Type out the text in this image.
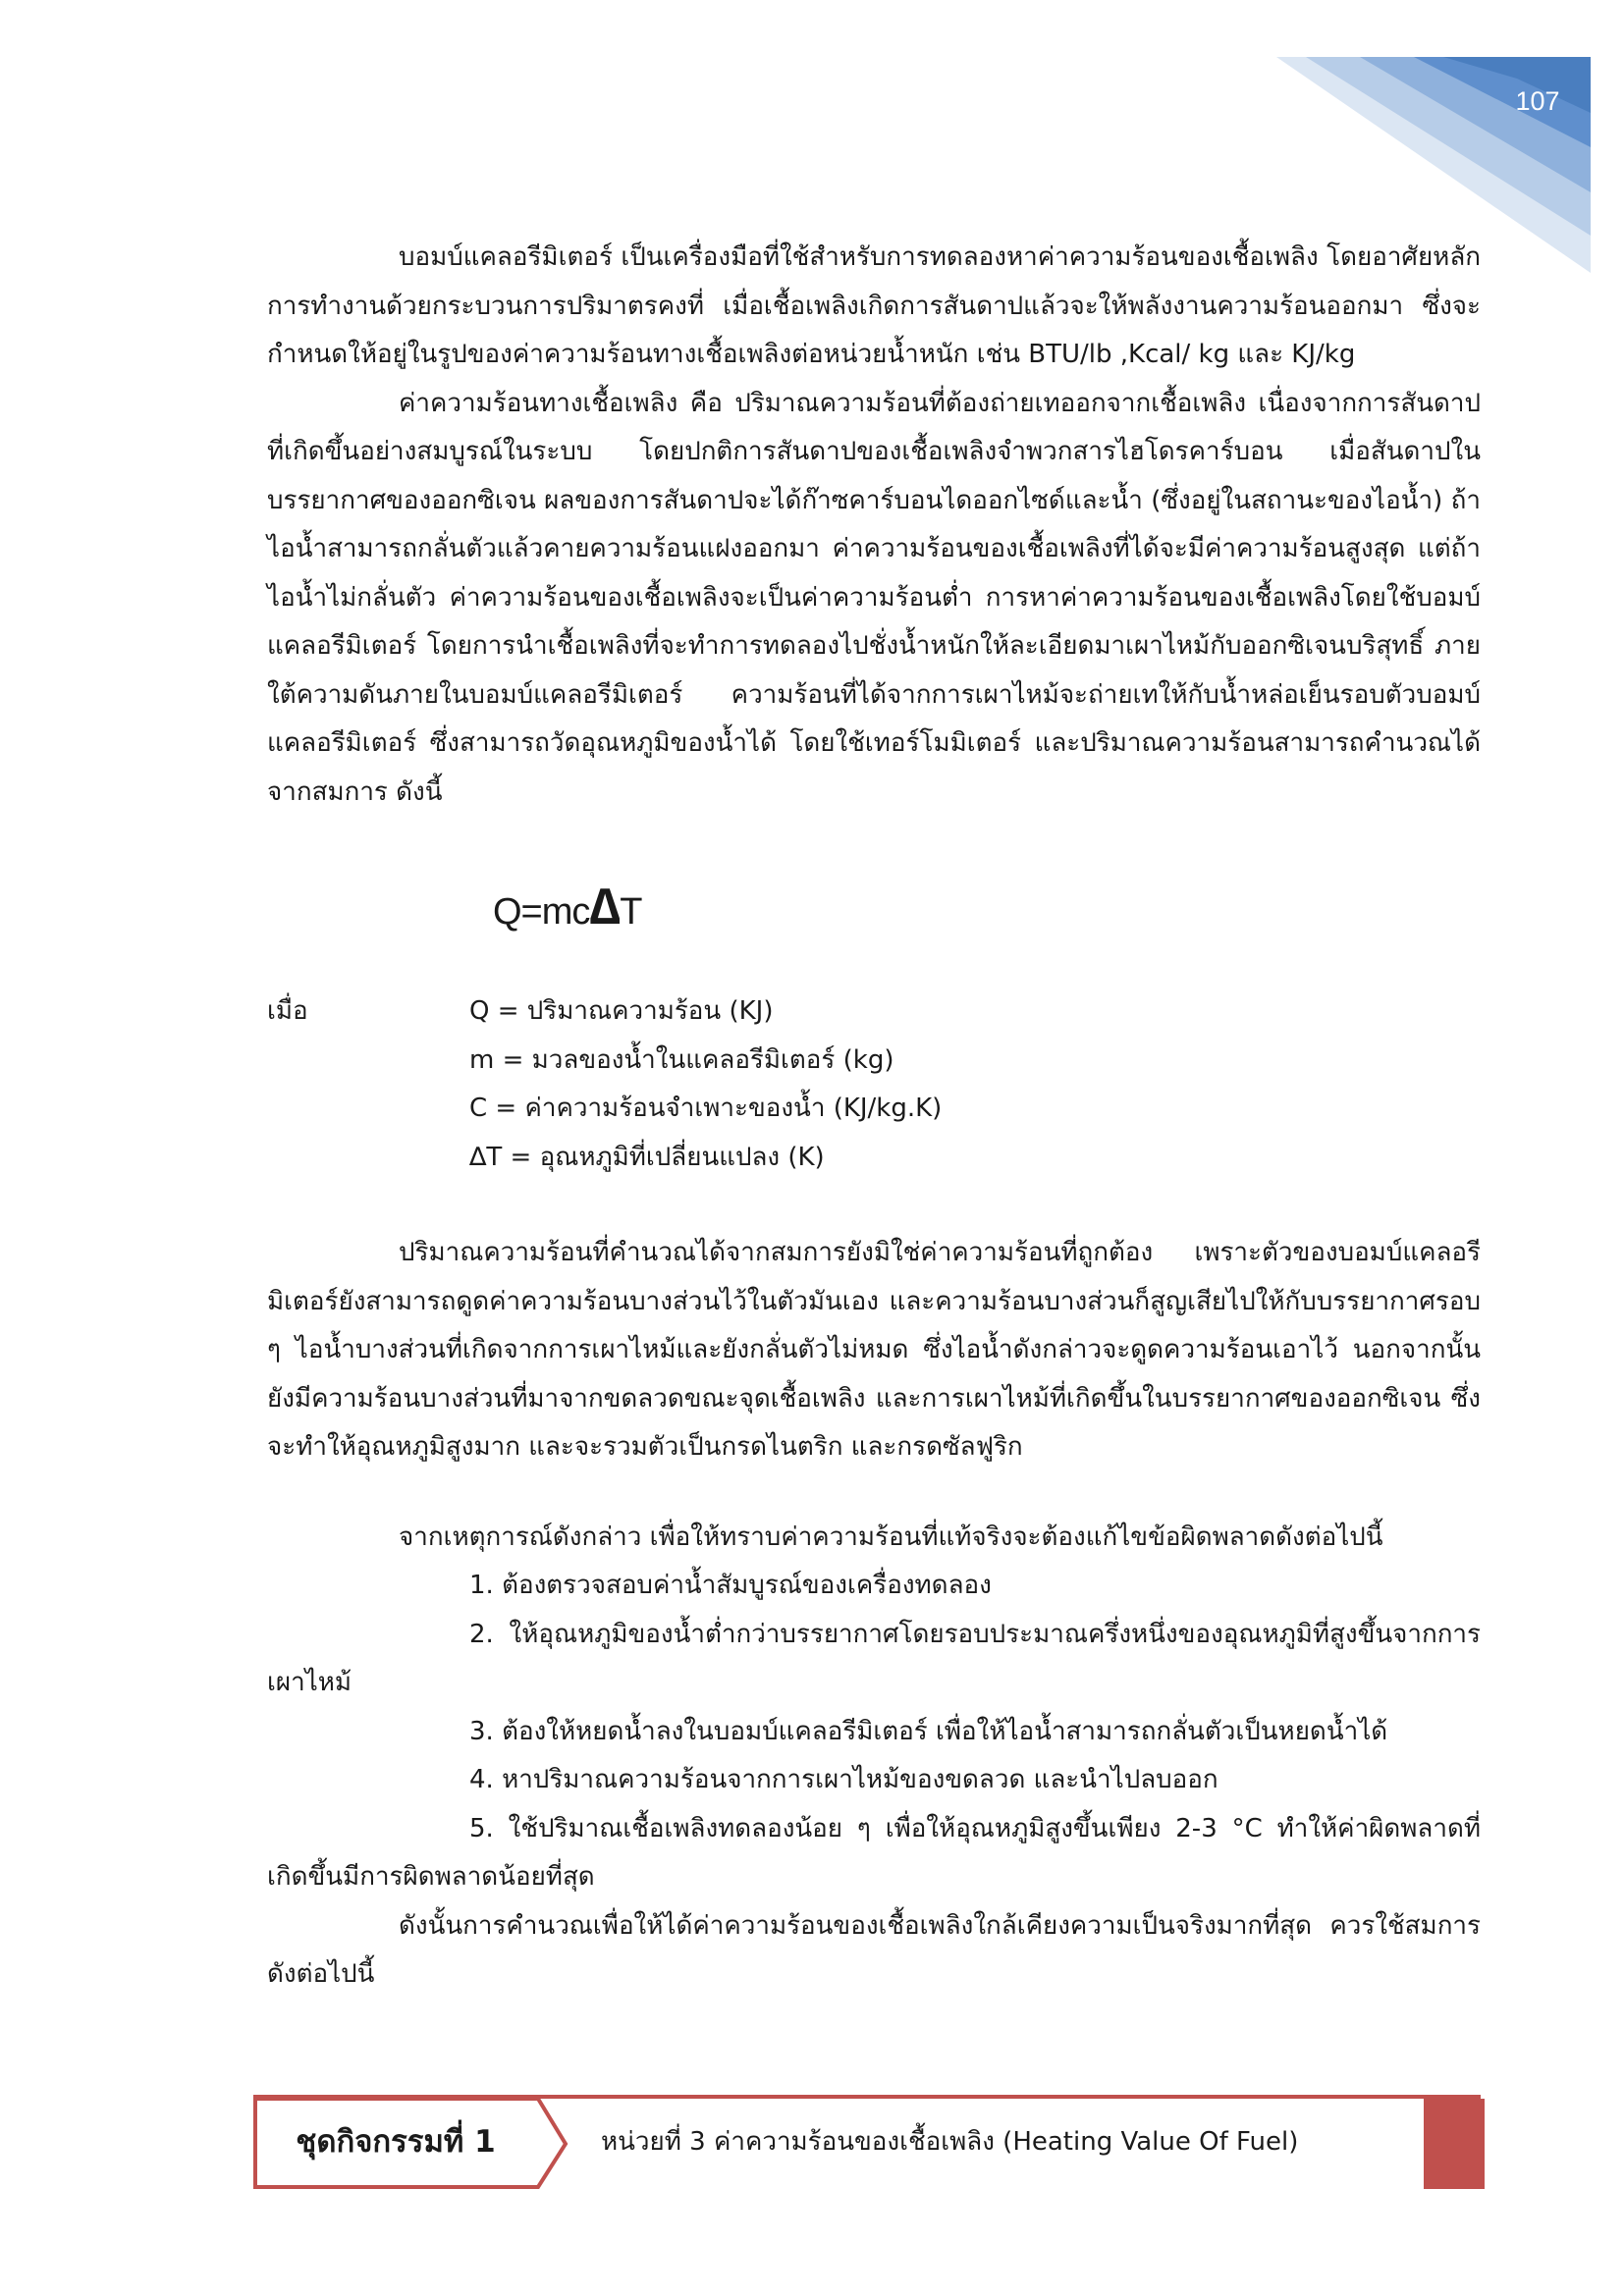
107

บอมบ์แคลอรีมิเตอร์ เป็นเครื่องมือที่ใช้สำหรับการทดลองหาค่าความร้อนของเชื้อเพลิง โดยอาศัยหลักการทำงานด้วยกระบวนการปริมาตรคงที่ เมื่อเชื้อเพลิงเกิดการสันดาปแล้วจะให้พลังงานความร้อนออกมา ซึ่งจะกำหนดให้อยู่ในรูปของค่าความร้อนทางเชื้อเพลิงต่อหน่วยน้ำหนัก เช่น BTU/lb ,Kcal/ kg และ KJ/kg

ค่าความร้อนทางเชื้อเพลิง คือ ปริมาณความร้อนที่ต้องถ่ายเทออกจากเชื้อเพลิง เนื่องจากการสันดาปที่เกิดขึ้นอย่างสมบูรณ์ในระบบ โดยปกติการสันดาปของเชื้อเพลิงจำพวกสารไฮโดรคาร์บอน เมื่อสันดาปในบรรยากาศของออกซิเจน ผลของการสันดาปจะได้ก๊าซคาร์บอนไดออกไซด์และน้ำ (ซึ่งอยู่ในสถานะของไอน้ำ) ถ้าไอน้ำสามารถกลั่นตัวแล้วคายความร้อนแฝงออกมา ค่าความร้อนของเชื้อเพลิงที่ได้จะมีค่าความร้อนสูงสุด แต่ถ้าไอน้ำไม่กลั่นตัว ค่าความร้อนของเชื้อเพลิงจะเป็นค่าความร้อนต่ำ การหาค่าความร้อนของเชื้อเพลิงโดยใช้บอมบ์แคลอรีมิเตอร์ โดยการนำเชื้อเพลิงที่จะทำการทดลองไปชั่งน้ำหนักให้ละเอียดมาเผาไหม้กับออกซิเจนบริสุทธิ์ ภายใต้ความดันภายในบอมบ์แคลอรีมิเตอร์ ความร้อนที่ได้จากการเผาไหม้จะถ่ายเทให้กับน้ำหล่อเย็นรอบตัวบอมบ์แคลอรีมิเตอร์ ซึ่งสามารถวัดอุณหภูมิของน้ำได้ โดยใช้เทอร์โมมิเตอร์ และปริมาณความร้อนสามารถคำนวณได้จากสมการ ดังนี้

Q=mc∆T
เมื่อ	Q = ปริมาณความร้อน (KJ)
m = มวลของน้ำในแคลอรีมิเตอร์ (kg)
C = ค่าความร้อนจำเพาะของน้ำ (KJ/kg.K)
∆T = อุณหภูมิที่เปลี่ยนแปลง (K)

ปริมาณความร้อนที่คำนวณได้จากสมการยังมิใช่ค่าความร้อนที่ถูกต้อง เพราะตัวของบอมบ์แคลอรีมิเตอร์ยังสามารถดูดค่าความร้อนบางส่วนไว้ในตัวมันเอง และความร้อนบางส่วนก็สูญเสียไปให้กับบรรยากาศรอบ ๆ ไอน้ำบางส่วนที่เกิดจากการเผาไหม้และยังกลั่นตัวไม่หมด ซึ่งไอน้ำดังกล่าวจะดูดความร้อนเอาไว้ นอกจากนั้นยังมีความร้อนบางส่วนที่มาจากขดลวดขณะจุดเชื้อเพลิง และการเผาไหม้ที่เกิดขึ้นในบรรยากาศของออกซิเจน ซึ่งจะทำให้อุณหภูมิสูงมาก และจะรวมตัวเป็นกรดไนตริก และกรดซัลฟูริก

จากเหตุการณ์ดังกล่าว เพื่อให้ทราบค่าความร้อนที่แท้จริงจะต้องแก้ไขข้อผิดพลาดดังต่อไปนี้

1. ต้องตรวจสอบค่าน้ำสัมบูรณ์ของเครื่องทดลอง
2. ให้อุณหภูมิของน้ำต่ำกว่าบรรยากาศโดยรอบประมาณครึ่งหนึ่งของอุณหภูมิที่สูงขึ้นจากการเผาไหม้
3. ต้องให้หยดน้ำลงในบอมบ์แคลอรีมิเตอร์ เพื่อให้ไอน้ำสามารถกลั่นตัวเป็นหยดน้ำได้
4. หาปริมาณความร้อนจากการเผาไหม้ของขดลวด และนำไปลบออก
5. ใช้ปริมาณเชื้อเพลิงทดลองน้อย ๆ เพื่อให้อุณหภูมิสูงขึ้นเพียง 2-3 °C ทำให้ค่าผิดพลาดที่เกิดขึ้นมีการผิดพลาดน้อยที่สุด

ดังนั้นการคำนวณเพื่อให้ได้ค่าความร้อนของเชื้อเพลิงใกล้เคียงความเป็นจริงมากที่สุด ควรใช้สมการดังต่อไปนี้

ชุดกิจกรรมที่ 1	หน่วยที่ 3 ค่าความร้อนของเชื้อเพลิง (Heating Value Of Fuel)
